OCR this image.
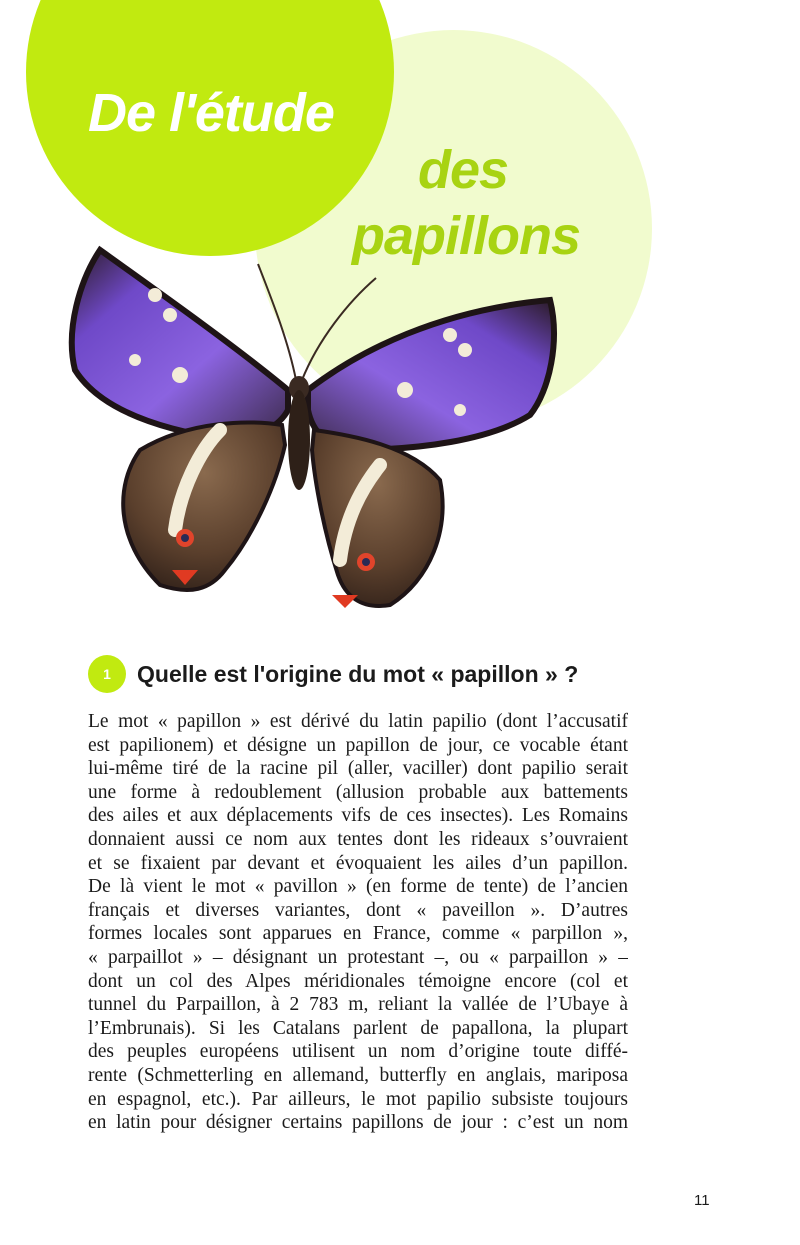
De l'étude
des
papillons
1	Quelle est l'origine du mot « papillon » ?
Le mot « papillon » est dérivé du latin papilio (dont l’accusatif
est papilionem) et désigne un papillon de jour, ce vocable étant
lui-même tiré de la racine pil (aller, vaciller) dont papilio serait
une forme à redoublement (allusion probable aux battements
des ailes et aux déplacements vifs de ces insectes). Les Romains
donnaient aussi ce nom aux tentes dont les rideaux s’ouvraient
et se fixaient par devant et évoquaient les ailes d’un papillon.
De là vient le mot « pavillon » (en forme de tente) de l’ancien
français et diverses variantes, dont « paveillon ». D’autres
formes locales sont apparues en France, comme « parpillon »,
« parpaillot » – désignant un protestant –, ou « parpaillon » –
dont un col des Alpes méridionales témoigne encore (col et
tunnel du Parpaillon, à 2 783 m, reliant la vallée de l’Ubaye à
l’Embrunais). Si les Catalans parlent de papallona, la plupart
des peuples européens utilisent un nom d’origine toute diffé-
rente (Schmetterling en allemand, butterfly en anglais, mariposa
en espagnol, etc.). Par ailleurs, le mot papilio subsiste toujours
en latin pour désigner certains papillons de jour : c’est un nom
11
